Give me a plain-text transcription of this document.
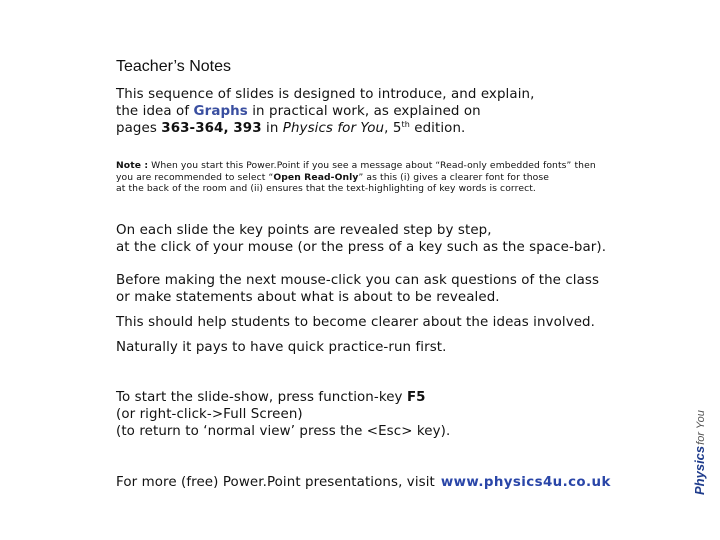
Teacher’s Notes
This sequence of slides is designed to introduce, and explain,
the idea of Graphs in practical work, as explained on
pages 363-364, 393 in Physics for You, 5th edition.
Note : When you start this Power.Point if you see a message about “Read-only embedded fonts” then
you are recommended to select “Open Read-Only” as this (i) gives a clearer font for those
at the back of the room and (ii) ensures that the text-highlighting of key words is correct.
On each slide the key points are revealed step by step,
at the click of your mouse (or the press of a key such as the space-bar).
Before making the next mouse-click you can ask questions of the class
or make statements about what is about to be revealed.
This should help students to become clearer about the ideas involved.
Naturally it pays to have quick practice-run first.
To start the slide-show, press function-key F5
(or right-click->Full Screen)
(to return to ‘normal view’ press the <Esc> key).
For more (free) Power.Point presentations, visit www.physics4u.co.uk	Physicsfor You
